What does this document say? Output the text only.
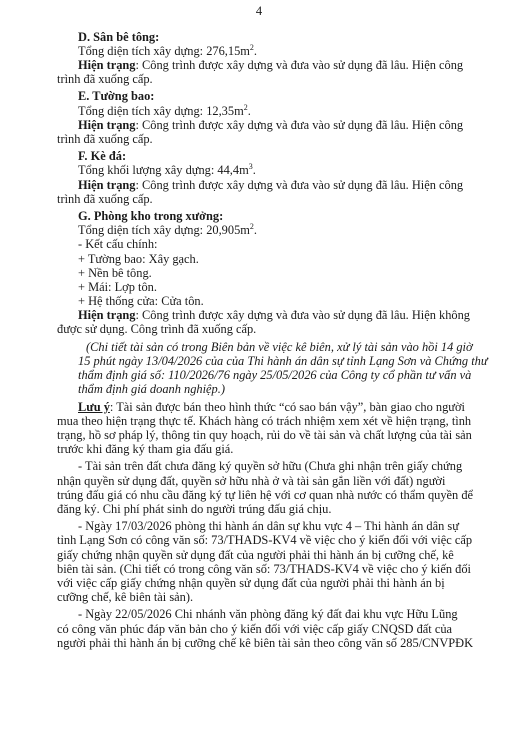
4
D. Sân bê tông:
Tổng diện tích xây dựng: $276,15m^2$.
Hiện trạng: Công trình được xây dựng và đưa vào sử dụng đã lâu. Hiện công
trình đã xuống cấp.
E. Tường bao:
Tổng diện tích xây dựng: $12,35m^2$.
Hiện trạng: Công trình được xây dựng và đưa vào sử dụng đã lâu. Hiện công
trình đã xuống cấp.
F. Kè đá:
Tổng khối lượng xây dựng: $44,4m^3$.
Hiện trạng: Công trình được xây dựng và đưa vào sử dụng đã lâu. Hiện công
trình đã xuống cấp.
G. Phòng kho trong xưởng:
Tổng diện tích xây dựng: $20,905m^2$.
- Kết cấu chính:
+ Tường bao: Xây gạch.
+ Nền bê tông.
+ Mái: Lợp tôn.
+ Hệ thống cửa: Cửa tôn.
Hiện trạng: Công trình được xây dựng và đưa vào sử dụng đã lâu. Hiện không
được sử dụng. Công trình đã xuống cấp.
(Chi tiết tài sản có trong Biên bản về việc kê biên, xử lý tài sản vào hồi 14 giờ
15 phút ngày 13/04/2026 của của Thi hành án dân sự tỉnh Lạng Sơn và Chứng thư
thẩm định giá số: 110/2026/76 ngày 25/05/2026 của Công ty cổ phần tư vấn và
thẩm định giá doanh nghiệp.)
Lưu ý: Tài sản được bán theo hình thức “có sao bán vậy”, bàn giao cho người
mua theo hiện trạng thực tế. Khách hàng có trách nhiệm xem xét về hiện trạng, tình
trạng, hồ sơ pháp lý, thông tin quy hoạch, rủi do về tài sản và chất lượng của tài sản
trước khi đăng ký tham gia đấu giá.
- Tài sản trên đất chưa đăng ký quyền sở hữu (Chưa ghi nhận trên giấy chứng
nhận quyền sử dụng đất, quyền sở hữu nhà ở và tài sản gắn liền với đất) người
trúng đấu giá có nhu cầu đăng ký tự liên hệ với cơ quan nhà nước có thẩm quyền để
đăng ký. Chi phí phát sinh do người trúng đấu giá chịu.
- Ngày 17/03/2026 phòng thi hành án dân sự khu vực 4 – Thi hành án dân sự
tỉnh Lạng Sơn có công văn số: 73/THADS-KV4 về việc cho ý kiến đối với việc cấp
giấy chứng nhận quyền sử dụng đất của người phải thi hành án bị cưỡng chế, kê
biên tài sản. (Chi tiết có trong công văn số: 73/THADS-KV4 về việc cho ý kiến đối
với việc cấp giấy chứng nhận quyền sử dụng đất của người phải thi hành án bị
cưỡng chế, kê biên tài sản).
- Ngày 22/05/2026 Chi nhánh văn phòng đăng ký đất đai khu vực Hữu Lũng
có công văn phúc đáp văn bản cho ý kiến đối với việc cấp giấy CNQSD đất của
người phải thi hành án bị cưỡng chế kê biên tài sản theo công văn số 285/CNVPĐK
